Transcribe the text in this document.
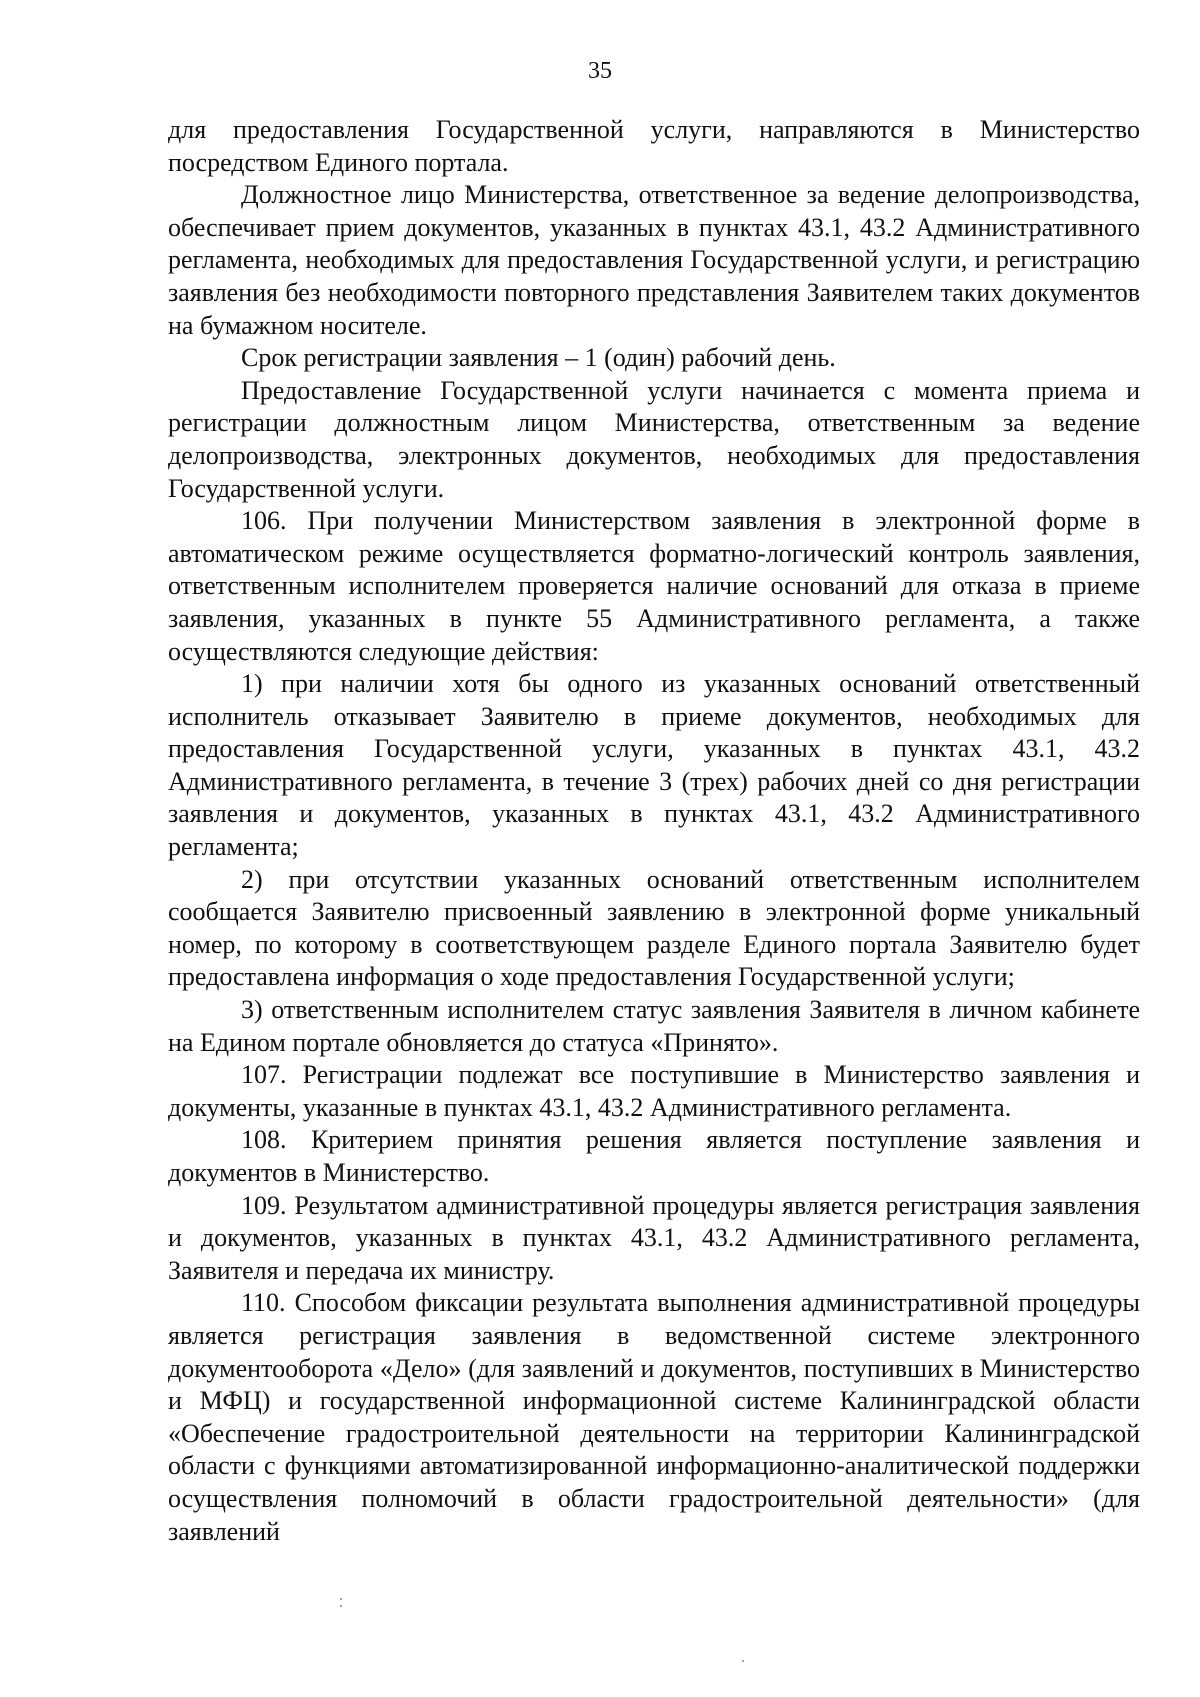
35

для предоставления Государственной услуги, направляются в Министерство посредством Единого портала.

Должностное лицо Министерства, ответственное за ведение делопроизводства, обеспечивает прием документов, указанных в пунктах 43.1, 43.2 Административного регламента, необходимых для предоставления Государственной услуги, и регистрацию заявления без необходимости повторного представления Заявителем таких документов на бумажном носителе.

Срок регистрации заявления – 1 (один) рабочий день.

Предоставление Государственной услуги начинается с момента приема и регистрации должностным лицом Министерства, ответственным за ведение делопроизводства, электронных документов, необходимых для предоставления Государственной услуги.

106. При получении Министерством заявления в электронной форме в автоматическом режиме осуществляется форматно-логический контроль заявления, ответственным исполнителем проверяется наличие оснований для отказа в приеме заявления, указанных в пункте 55 Административного регламента, а также осуществляются следующие действия:

1) при наличии хотя бы одного из указанных оснований ответственный исполнитель отказывает Заявителю в приеме документов, необходимых для предоставления Государственной услуги, указанных в пунктах 43.1, 43.2 Административного регламента, в течение 3 (трех) рабочих дней со дня регистрации заявления и документов, указанных в пунктах 43.1, 43.2 Административного регламента;

2) при отсутствии указанных оснований ответственным исполнителем сообщается Заявителю присвоенный заявлению в электронной форме уникальный номер, по которому в соответствующем разделе Единого портала Заявителю будет предоставлена информация о ходе предоставления Государственной услуги;

3) ответственным исполнителем статус заявления Заявителя в личном кабинете на Едином портале обновляется до статуса «Принято».

107. Регистрации подлежат все поступившие в Министерство заявления и документы, указанные в пунктах 43.1, 43.2 Административного регламента.

108. Критерием принятия решения является поступление заявления и документов в Министерство.

109. Результатом административной процедуры является регистрация заявления и документов, указанных в пунктах 43.1, 43.2 Административного регламента, Заявителя и передача их министру.

110. Способом фиксации результата выполнения административной процедуры является регистрация заявления в ведомственной системе электронного документооборота «Дело» (для заявлений и документов, поступивших в Министерство и МФЦ) и государственной информационной системе Калининградской области «Обеспечение градостроительной деятельности на территории Калининградской области с функциями автоматизированной информационно-аналитической поддержки осуществления полномочий в области градостроительной деятельности» (для заявлений
